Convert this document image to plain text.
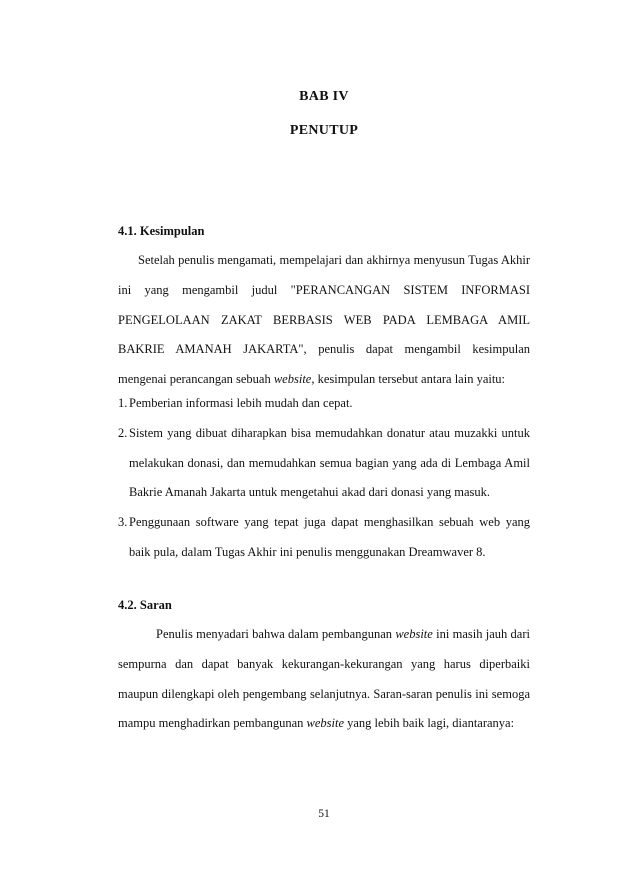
BAB IV
PENUTUP
4.1. Kesimpulan

Setelah penulis mengamati, mempelajari dan akhirnya menyusun Tugas Akhir ini yang mengambil judul "PERANCANGAN SISTEM INFORMASI PENGELOLAAN ZAKAT BERBASIS WEB PADA LEMBAGA AMIL BAKRIE AMANAH JAKARTA", penulis dapat mengambil kesimpulan mengenai perancangan sebuah website, kesimpulan tersebut antara lain yaitu:

1. Pemberian informasi lebih mudah dan cepat.
2. Sistem yang dibuat diharapkan bisa memudahkan donatur atau muzakki untuk melakukan donasi, dan memudahkan semua bagian yang ada di Lembaga Amil Bakrie Amanah Jakarta untuk mengetahui akad dari donasi yang masuk.
3. Penggunaan software yang tepat juga dapat menghasilkan sebuah web yang baik pula, dalam Tugas Akhir ini penulis menggunakan Dreamwaver 8.
4.2. Saran

Penulis menyadari bahwa dalam pembangunan website ini masih jauh dari sempurna dan dapat banyak kekurangan-kekurangan yang harus diperbaiki maupun dilengkapi oleh pengembang selanjutnya. Saran-saran penulis ini semoga mampu menghadirkan pembangunan website yang lebih baik lagi, diantaranya:

51
